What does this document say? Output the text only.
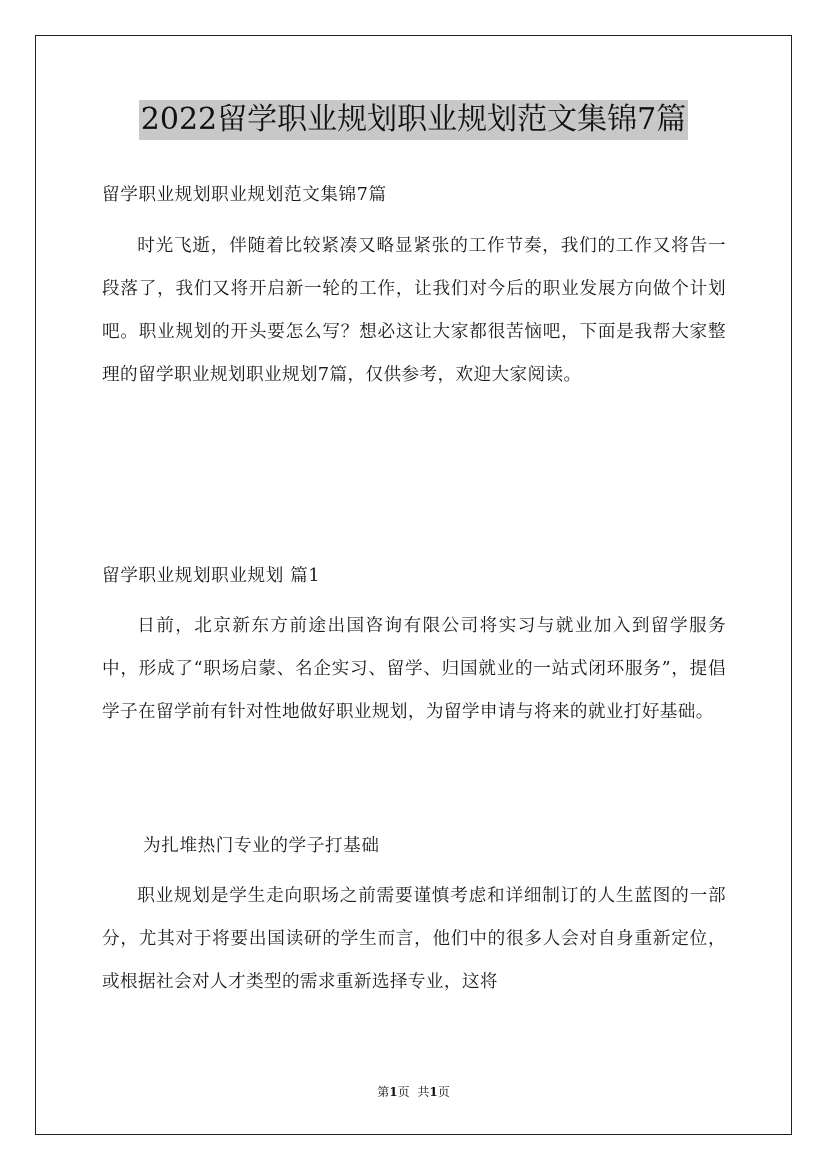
2022留学职业规划职业规划范文集锦7篇
留学职业规划职业规划范文集锦7篇

时光飞逝，伴随着比较紧凑又略显紧张的工作节奏，我们的工作又将告一段落了，我们又将开启新一轮的工作，让我们对今后的职业发展方向做个计划吧。职业规划的开头要怎么写？想必这让大家都很苦恼吧，下面是我帮大家整理的留学职业规划职业规划7篇，仅供参考，欢迎大家阅读。

留学职业规划职业规划 篇1

日前，北京新东方前途出国咨询有限公司将实习与就业加入到留学服务中，形成了“职场启蒙、名企实习、留学、归国就业的一站式闭环服务”，提倡学子在留学前有针对性地做好职业规划，为留学申请与将来的就业打好基础。

为扎堆热门专业的学子打基础

职业规划是学生走向职场之前需要谨慎考虑和详细制订的人生蓝图的一部分，尤其对于将要出国读研的学生而言，他们中的很多人会对自身重新定位，或根据社会对人才类型的需求重新选择专业，这将

第1页 共1页
